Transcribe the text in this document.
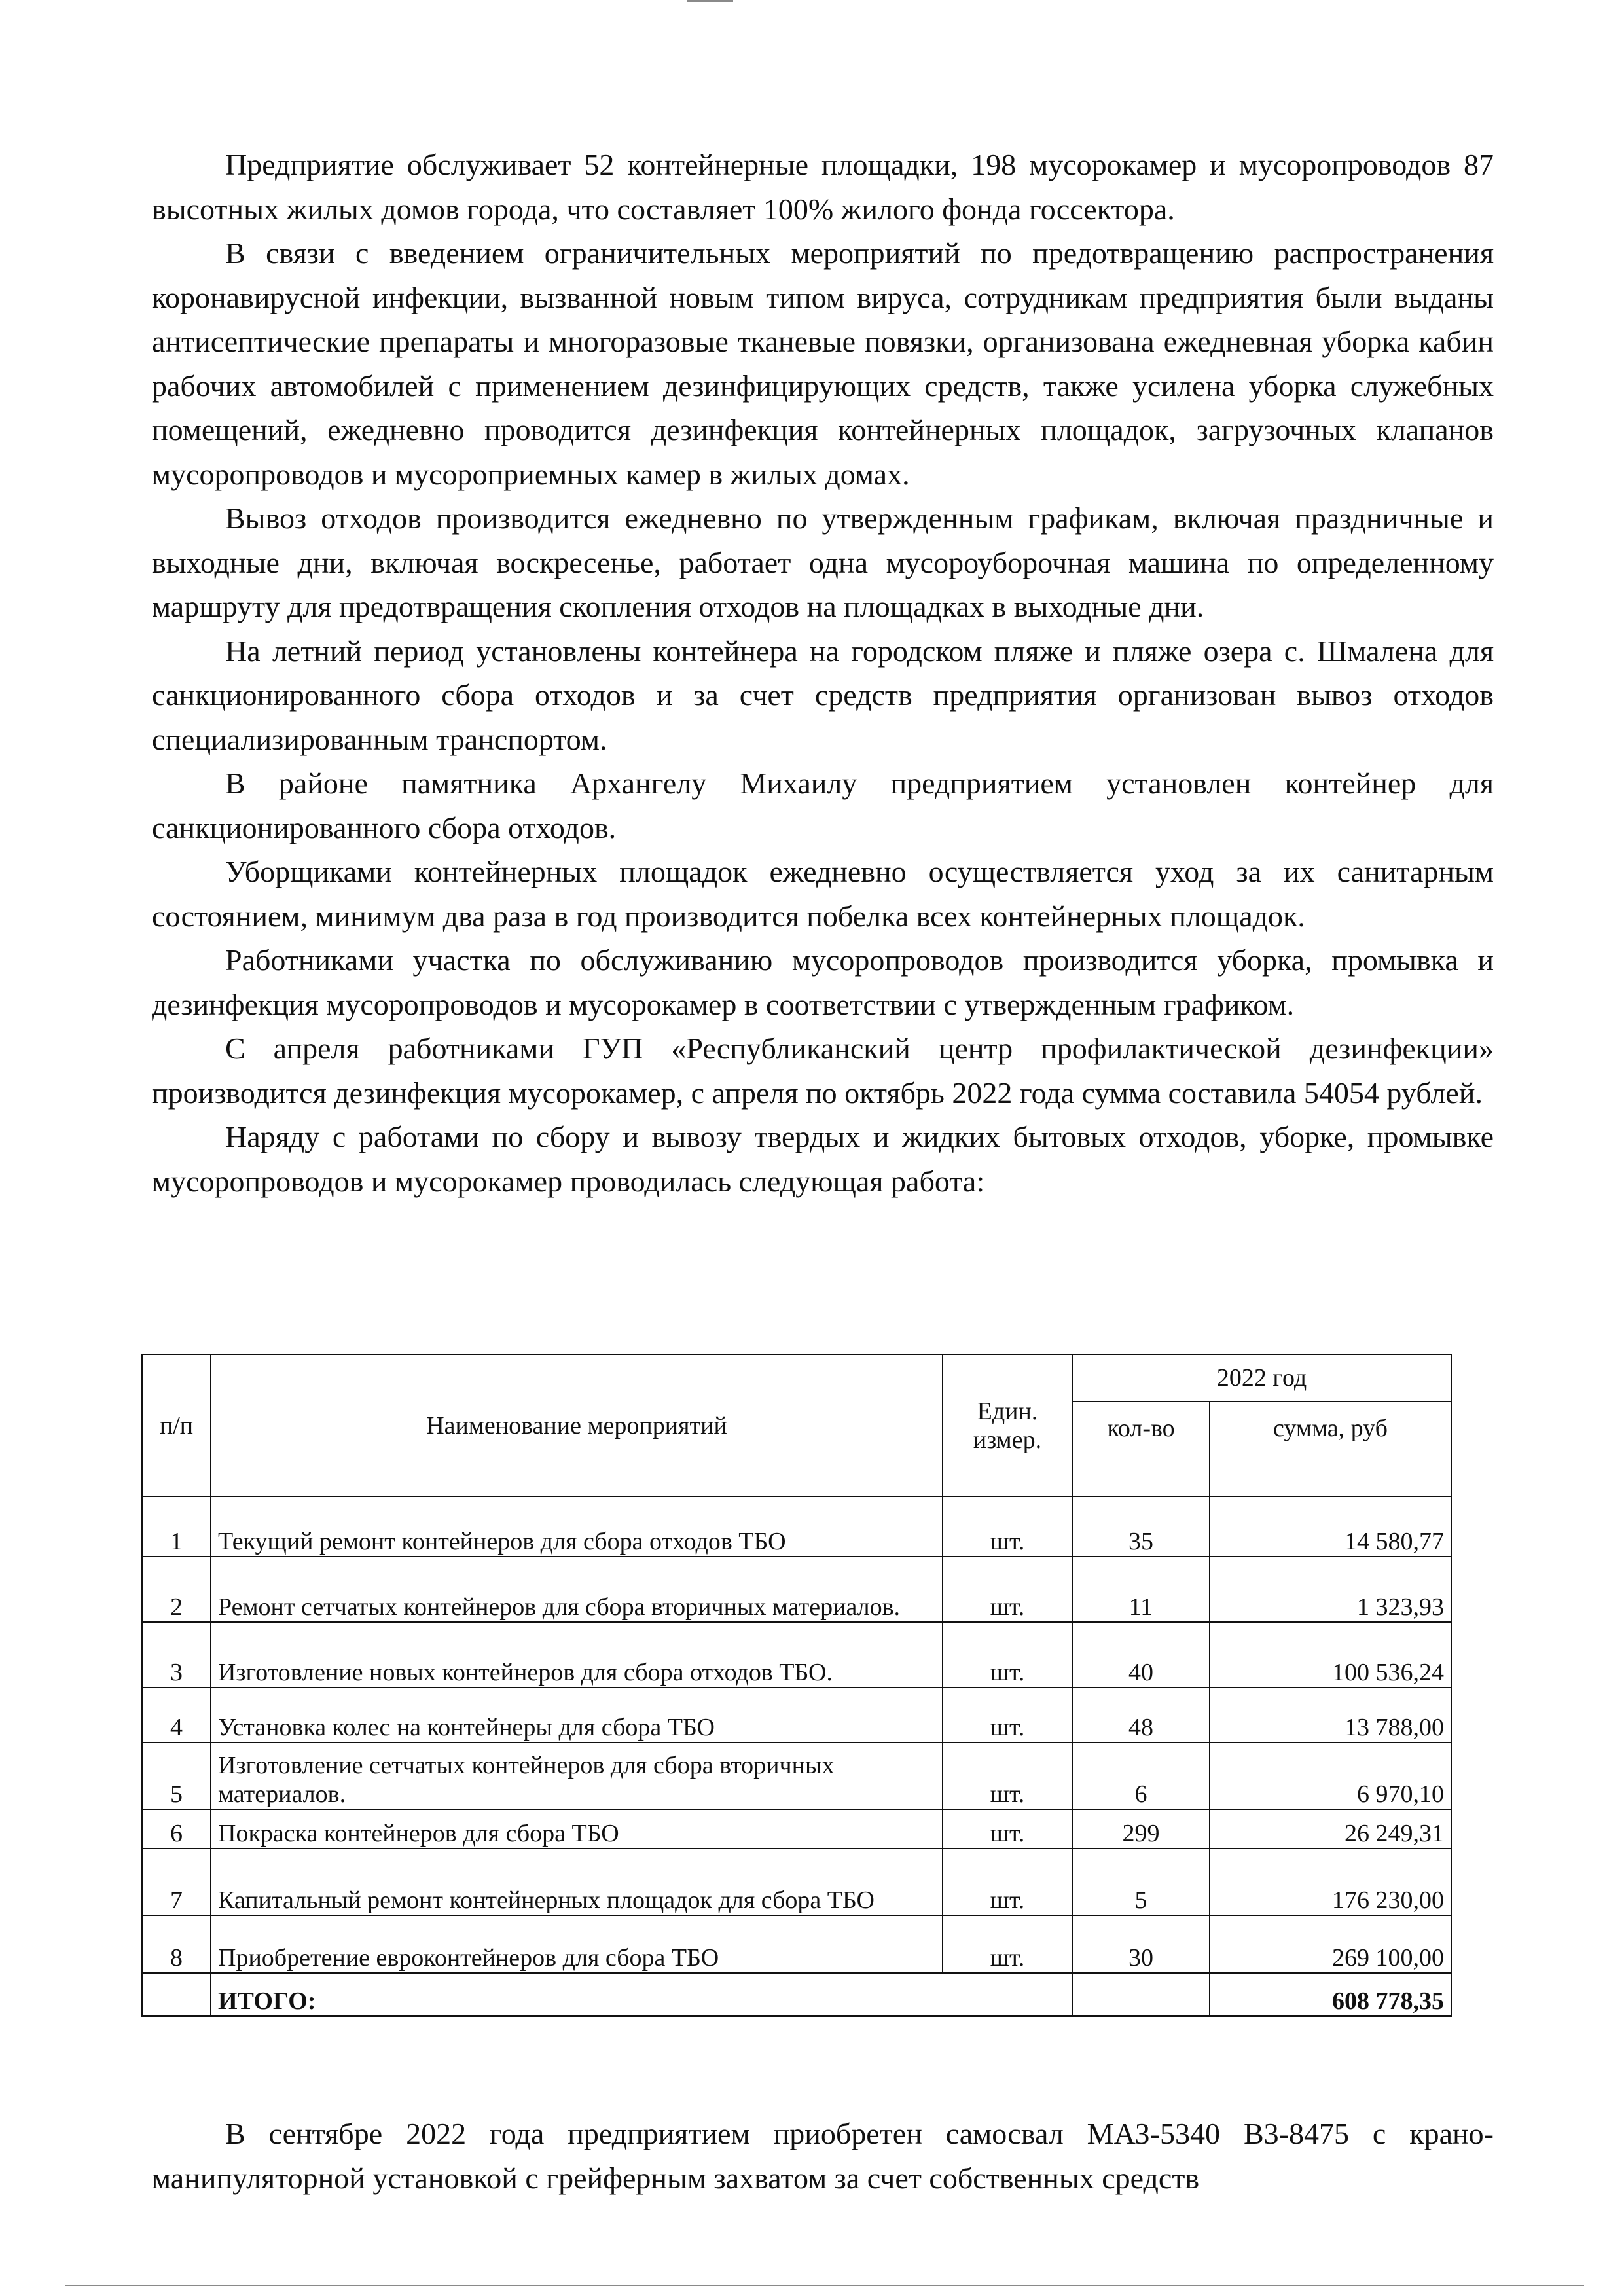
Предприятие обслуживает 52 контейнерные площадки, 198 мусорокамер и мусоропроводов 87 высотных жилых домов города, что составляет 100% жилого фонда госсектора.

В связи с введением ограничительных мероприятий по предотвращению распространения коронавирусной инфекции, вызванной новым типом вируса, сотрудникам предприятия были выданы антисептические препараты и многоразовые тканевые повязки, организована ежедневная уборка кабин рабочих автомобилей с применением дезинфицирующих средств, также усилена уборка служебных помещений, ежедневно проводится дезинфекция контейнерных площадок, загрузочных клапанов мусоропроводов и мусороприемных камер в жилых домах.

Вывоз отходов производится ежедневно по утвержденным графикам, включая праздничные и выходные дни, включая воскресенье, работает одна мусороуборочная машина по определенному маршруту для предотвращения скопления отходов на площадках в выходные дни.

На летний период установлены контейнера на городском пляже и пляже озера с. Шмалена для санкционированного сбора отходов и за счет средств предприятия организован вывоз отходов специализированным транспортом.

В районе памятника Архангелу Михаилу предприятием установлен контейнер для санкционированного сбора отходов.

Уборщиками контейнерных площадок ежедневно осуществляется уход за их санитарным состоянием, минимум два раза в год производится побелка всех контейнерных площадок.

Работниками участка по обслуживанию мусоропроводов производится уборка, промывка и дезинфекция мусоропроводов и мусорокамер в соответствии с утвержденным графиком.

С апреля работниками ГУП «Республиканский центр профилактической дезинфекции» производится дезинфекция мусорокамер, с апреля по октябрь 2022 года сумма составила 54054 рублей.

Наряду с работами по сбору и вывозу твердых и жидких бытовых отходов, уборке, промывке мусоропроводов и мусорокамер проводилась следующая работа:

п/п	Наименование мероприятий	Един. измер.	2022 год	
			кол-во	сумма, руб
1	Текущий ремонт контейнеров для сбора отходов ТБО	шт.	35	14 580,77
2	Ремонт сетчатых контейнеров для сбора вторичных материалов.	шт.	11	1 323,93
3	Изготовление новых контейнеров для сбора отходов ТБО.	шт.	40	100 536,24
4	Установка колес на контейнеры для сбора ТБО	шт.	48	13 788,00
5	Изготовление сетчатых контейнеров для сбора вторичных материалов.	шт.	6	6 970,10
6	Покраска контейнеров для сбора ТБО	шт.	299	26 249,31
7	Капитальный ремонт контейнерных площадок для сбора ТБО	шт.	5	176 230,00
8	Приобретение евроконтейнеров для сбора ТБО	шт.	30	269 100,00
	ИТОГО:			608 778,35

В сентябре 2022 года предприятием приобретен самосвал МАЗ-5340 В3-8475 с крано-манипуляторной установкой с грейферным захватом за счет собственных средств
